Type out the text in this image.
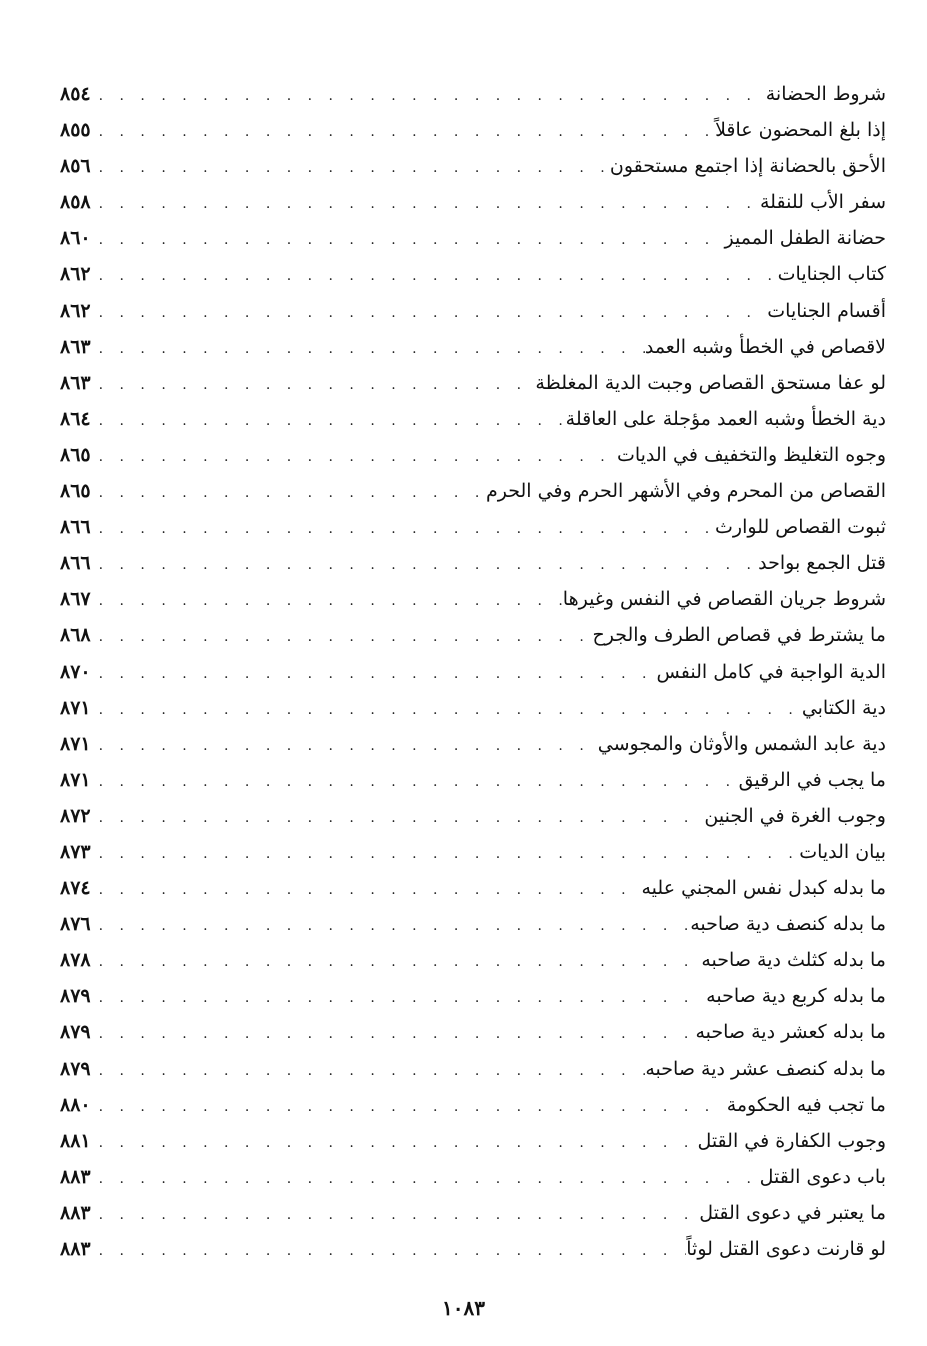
شروط الحضانة
. . .
٨٥٤
إذا بلغ المحضون عاقلاً
. . .
٨٥٥
الأحق بالحضانة إذا اجتمع مستحقون
. . .
٨٥٦
سفر الأب للنقلة
. . .
٨٥٨
حضانة الطفل المميز
. . .
٨٦٠
كتاب الجنايات
. . .
٨٦٢
أقسام الجنايات
. . .
٨٦٢
لاقصاص في الخطأ وشبه العمد
. . .
٨٦٣
لو عفا مستحق القصاص وجبت الدية المغلظة
. . .
٨٦٣
دية الخطأ وشبه العمد مؤجلة على العاقلة
. . .
٨٦٤
وجوه التغليظ والتخفيف في الديات
. . .
٨٦٥
القصاص من المحرم وفي الأشهر الحرم وفي الحرم
. . .
٨٦٥
ثبوت القصاص للوارث
. . .
٨٦٦
قتل الجمع بواحد
. . .
٨٦٦
شروط جريان القصاص في النفس وغيرها
. . .
٨٦٧
ما يشترط في قصاص الطرف والجرح
. . .
٨٦٨
الدية الواجبة في كامل النفس
. . .
٨٧٠
دية الكتابي
. . .
٨٧١
دية عابد الشمس والأوثان والمجوسي
. . .
٨٧١
ما يجب في الرقيق
. . .
٨٧١
وجوب الغرة في الجنين
. . .
٨٧٢
بيان الديات
. . .
٨٧٣
ما بدله كبدل نفس المجني عليه
. . .
٨٧٤
ما بدله كنصف دية صاحبه
. . .
٨٧٦
ما بدله كثلث دية صاحبه
. . .
٨٧٨
ما بدله كربع دية صاحبه
. . .
٨٧٩
ما بدله كعشر دية صاحبه
. . .
٨٧٩
ما بدله كنصف عشر دية صاحبه
. . .
٨٧٩
ما تجب فيه الحكومة
. . .
٨٨٠
وجوب الكفارة في القتل
. . .
٨٨١
باب دعوى القتل
. . .
٨٨٣
ما يعتبر في دعوى القتل
. . .
٨٨٣
لو قارنت دعوى القتل لوثاً
. . .
٨٨٣
١٠٨٣
